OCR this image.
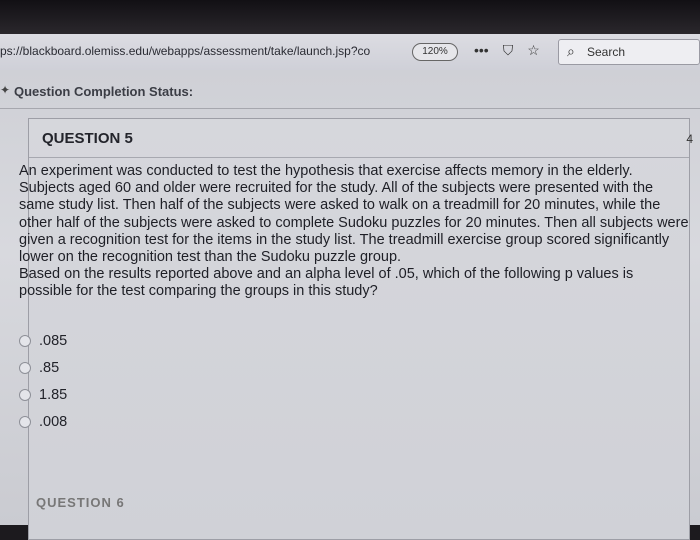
ps://blackboard.olemiss.edu/webapps/assessment/take/launch.jsp?co	120%	••• ⛉ ☆ ⌕ Search
✦ Question Completion Status:
QUESTION 5	4

An experiment was conducted to test the hypothesis that exercise affects memory in the elderly. Subjects aged 60 and older were recruited for the study. All of the subjects were presented with the same study list. Then half of the subjects were asked to walk on a treadmill for 20 minutes, while the other half of the subjects were asked to complete Sudoku puzzles for 20 minutes. Then all subjects were given a recognition test for the items in the study list. The treadmill exercise group scored significantly lower on the recognition test than the Sudoku puzzle group.

Based on the results reported above and an alpha level of .05, which of the following p values is possible for the test comparing the groups in this study?

.085
.85
1.85
.008
QUESTION 6
